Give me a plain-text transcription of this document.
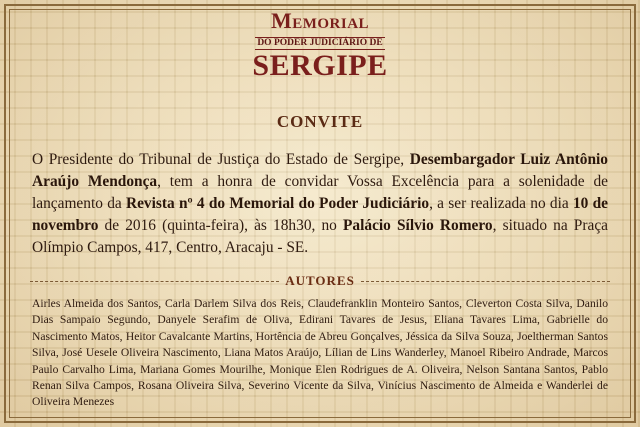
Memorial
DO PODER JUDICIÁRIO DE
SERGIPE
CONVITE
O Presidente do Tribunal de Justiça do Estado de Sergipe, Desembargador Luiz Antônio Araújo Mendonça, tem a honra de convidar Vossa Excelência para a solenidade de lançamento da Revista nº 4 do Memorial do Poder Judiciário, a ser realizada no dia 10 de novembro de 2016 (quinta-feira), às 18h30, no Palácio Sílvio Romero, situado na Praça Olímpio Campos, 417, Centro, Aracaju - SE.
AUTORES
Airles Almeida dos Santos, Carla Darlem Silva dos Reis, Claudefranklin Monteiro Santos, Cleverton Costa Silva, Danilo Dias Sampaio Segundo, Danyele Serafim de Oliva, Edirani Tavares de Jesus, Eliana Tavares Lima, Gabrielle do Nascimento Matos, Heitor Cavalcante Martins, Hortência de Abreu Gonçalves, Jéssica da Silva Souza, Joeltherman Santos Silva, José Uesele Oliveira Nascimento, Liana Matos Araújo, Lílian de Lins Wanderley, Manoel Ribeiro Andrade, Marcos Paulo Carvalho Lima, Mariana Gomes Mourilhe, Monique Elen Rodrigues de A. Oliveira, Nelson Santana Santos, Pablo Renan Silva Campos, Rosana Oliveira Silva, Severino Vicente da Silva, Vinícius Nascimento de Almeida e Wanderlei de Oliveira Menezes
